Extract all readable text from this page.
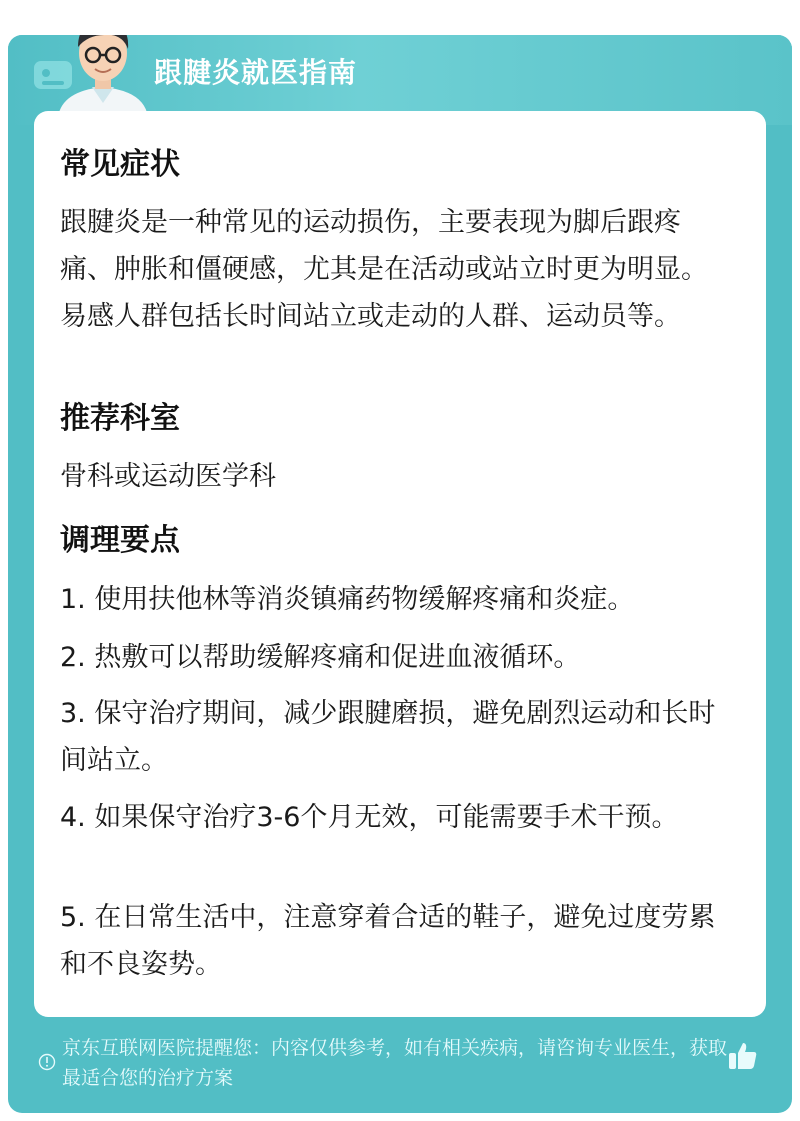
跟腱炎就医指南
常见症状
跟腱炎是一种常见的运动损伤，主要表现为脚后跟疼痛、肿胀和僵硬感，尤其是在活动或站立时更为明显。易感人群包括长时间站立或走动的人群、运动员等。
推荐科室
骨科或运动医学科
调理要点
1. 使用扶他林等消炎镇痛药物缓解疼痛和炎症。
2. 热敷可以帮助缓解疼痛和促进血液循环。
3. 保守治疗期间，减少跟腱磨损，避免剧烈运动和长时间站立。
4. 如果保守治疗3-6个月无效，可能需要手术干预。
5. 在日常生活中，注意穿着合适的鞋子，避免过度劳累和不良姿势。
京东互联网医院提醒您：内容仅供参考，如有相关疾病，请咨询专业医生，获取最适合您的治疗方案
